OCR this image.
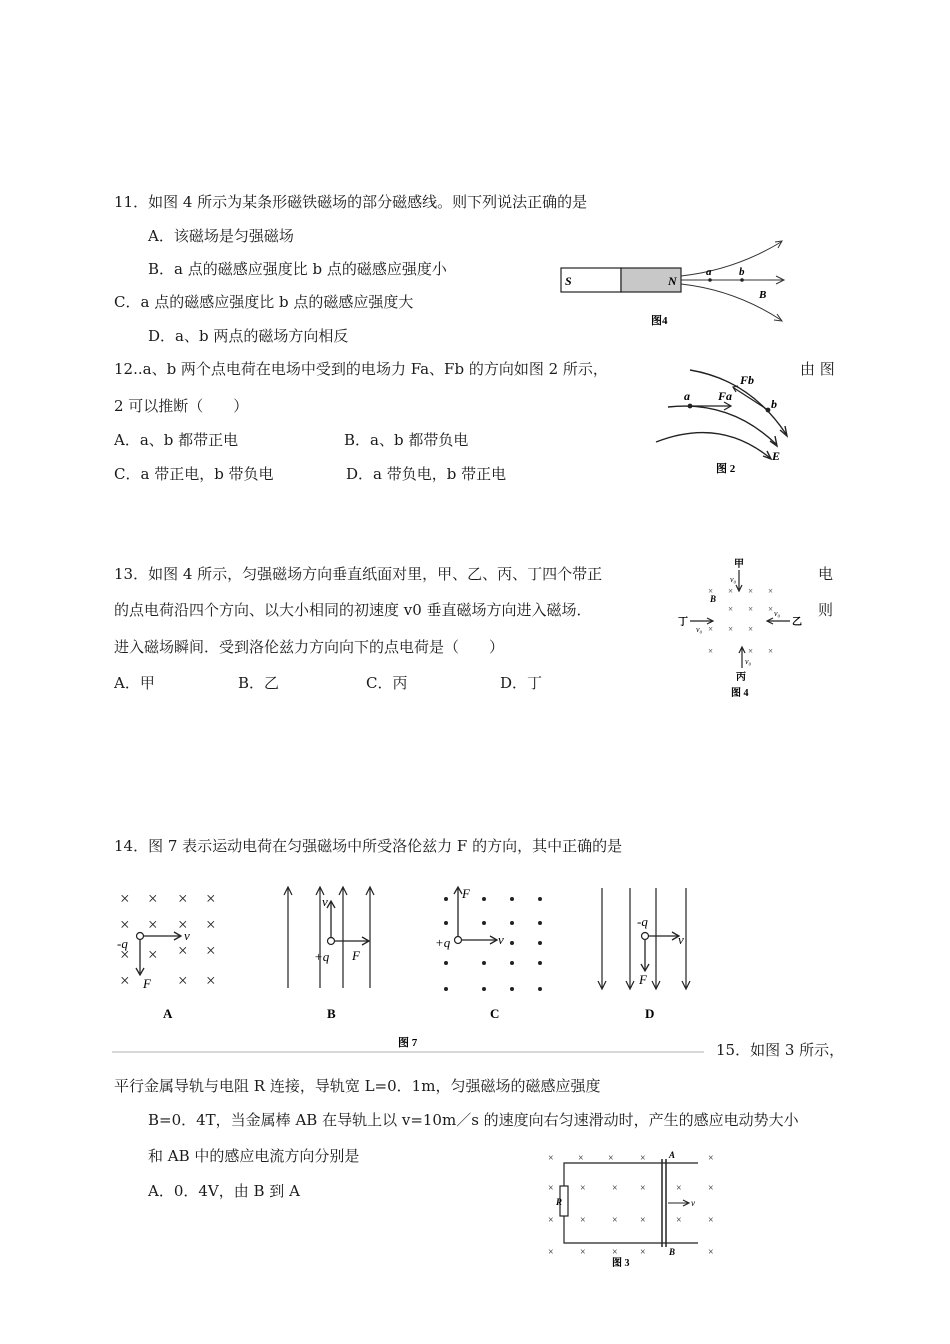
11．如图 4 所示为某条形磁铁磁场的部分磁感线。则下列说法正确的是
A．该磁场是匀强磁场
B．a 点的磁感应强度比 b 点的磁感应强度小
C．a 点的磁感应强度比 b 点的磁感应强度大
D．a、b 两点的磁场方向相反
S	N
a	b
B
图4
12..a、b 两个点电荷在电场中受到的电场力 Fa、Fb 的方向如图 2 所示，	由 图
2 可以推断（　　）
A．a、b 都带正电	B．a、b 都带负电
C．a 带正电，b 带负电	D．a 带负电，b 带正电
a Fa
Fb
b
E
图 2
13．如图 4 所示，匀强磁场方向垂直纸面对里，甲、乙、丙、丁四个带正	电
的点电荷沿四个方向、以大小相同的初速度 v0 垂直磁场方向进入磁场．	则
进入磁场瞬间．受到洛伦兹力方向向下的点电荷是（　　）
A．甲	B．乙	C．丙	D．丁
× × × ×
× × ×
× × ×
×	× ×
甲
v₀
B
丁
v₀
乙
v₀
v₀
丙
图 4
14．图 7 表示运动电荷在匀强磁场中所受洛伦兹力 F 的方向，其中正确的是
× × × ×
× × × ×
× ×
× ×
×	× ×
-q
v
F
A
v
+q F
B
+q	v
F
C
-q
v
F
D
图 7	15．如图 3 所示，
平行金属导轨与电阻 R 连接，导轨宽 L=0．1m，匀强磁场的磁感应强度
B=0．4T，当金属棒 AB 在导轨上以 v=10m／s 的速度向右匀速滑动时，产生的感应电动势大小
和 AB 中的感应电流方向分别是
A．0．4V，由 B 到 A
× × ×	×	×
×	×	× ×	×	×
×	×	× ×	×	×
×	×	× ×	×
R
A
B
v
图 3
